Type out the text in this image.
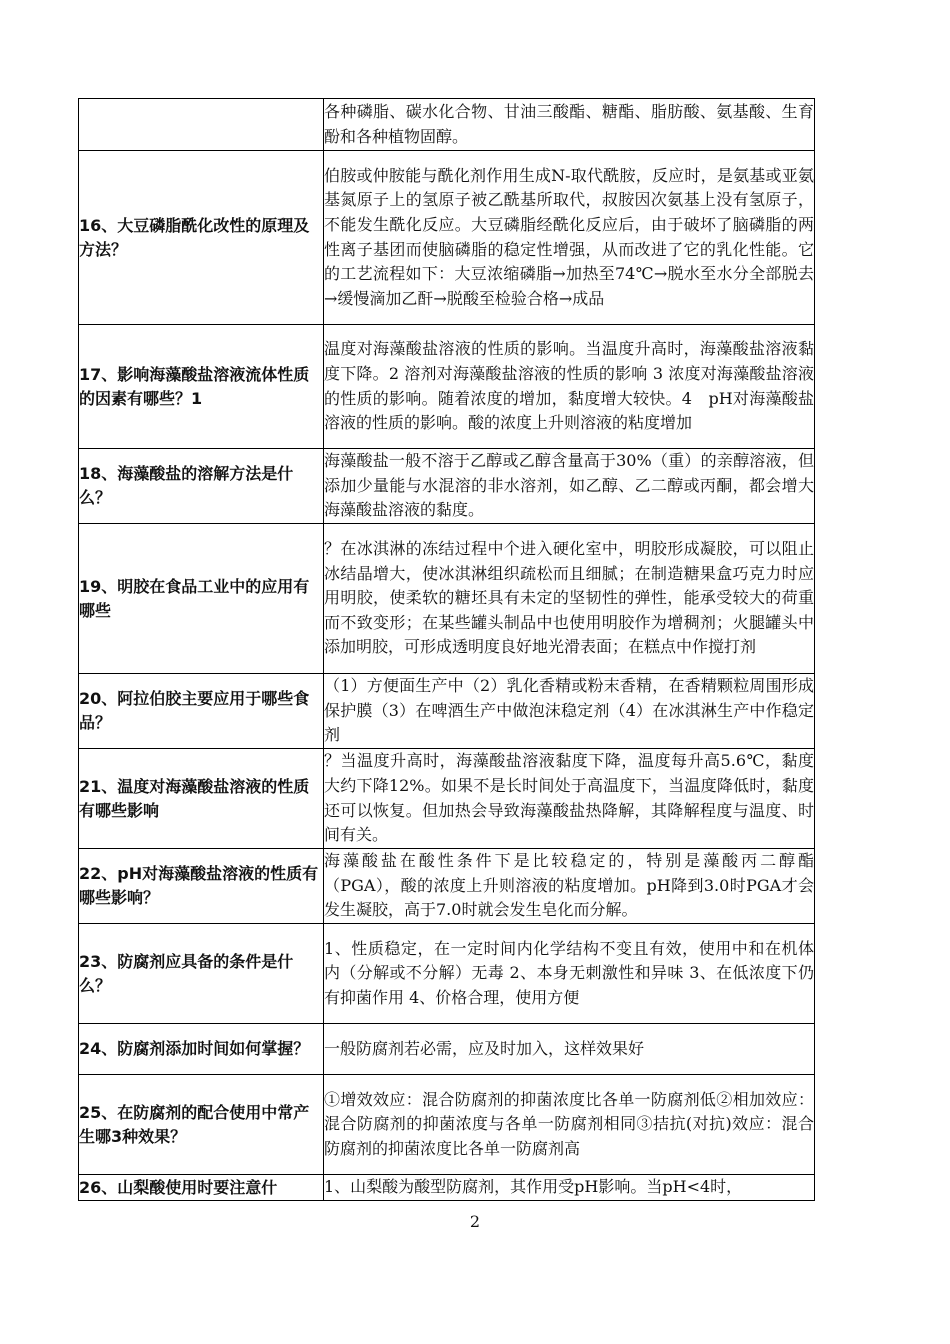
	各种磷脂、碳水化合物、甘油三酸酯、糖酯、脂肪酸、氨基酸、生育酚和各种植物固醇。
16、大豆磷脂酰化改性的原理及方法？	伯胺或仲胺能与酰化剂作用生成N-取代酰胺，反应时，是氨基或亚氨基氮原子上的氢原子被乙酰基所取代，叔胺因次氨基上没有氢原子，不能发生酰化反应。大豆磷脂经酰化反应后，由于破坏了脑磷脂的两性离子基团而使脑磷脂的稳定性增强，从而改进了它的乳化性能。它的工艺流程如下：大豆浓缩磷脂→加热至74℃→脱水至水分全部脱去→缓慢滴加乙酐→脱酸至检验合格→成品
17、影响海藻酸盐溶液流体性质的因素有哪些？1	温度对海藻酸盐溶液的性质的影响。当温度升高时，海藻酸盐溶液黏度下降。2 溶剂对海藻酸盐溶液的性质的影响 3 浓度对海藻酸盐溶液的性质的影响。随着浓度的增加，黏度增大较快。4　pH对海藻酸盐溶液的性质的影响。酸的浓度上升则溶液的粘度增加
18、海藻酸盐的溶解方法是什么？	海藻酸盐一般不溶于乙醇或乙醇含量高于30%（重）的亲醇溶液，但添加少量能与水混溶的非水溶剂，如乙醇、乙二醇或丙酮，都会增大海藻酸盐溶液的黏度。
19、明胶在食品工业中的应用有哪些	？在冰淇淋的冻结过程中个进入硬化室中，明胶形成凝胶，可以阻止冰结晶增大，使冰淇淋组织疏松而且细腻；在制造糖果盒巧克力时应用明胶，使柔软的糖坯具有未定的坚韧性的弹性，能承受较大的荷重而不致变形；在某些罐头制品中也使用明胶作为增稠剂；火腿罐头中添加明胶，可形成透明度良好地光滑表面；在糕点中作搅打剂
20、阿拉伯胶主要应用于哪些食品？	（1）方便面生产中（2）乳化香精或粉末香精，在香精颗粒周围形成保护膜（3）在啤酒生产中做泡沫稳定剂（4）在冰淇淋生产中作稳定剂
21、温度对海藻酸盐溶液的性质有哪些影响	？当温度升高时，海藻酸盐溶液黏度下降，温度每升高5.6℃，黏度大约下降12%。如果不是长时间处于高温度下，当温度降低时，黏度还可以恢复。但加热会导致海藻酸盐热降解，其降解程度与温度、时间有关。
22、pH对海藻酸盐溶液的性质有哪些影响？	海藻酸盐在酸性条件下是比较稳定的，特别是藻酸丙二醇酯（PGA），酸的浓度上升则溶液的粘度增加。pH降到3.0时PGA才会发生凝胶，高于7.0时就会发生皂化而分解。
23、防腐剂应具备的条件是什么？	1、性质稳定，在一定时间内化学结构不变且有效，使用中和在机体内（分解或不分解）无毒 2、本身无刺激性和异味 3、在低浓度下仍有抑菌作用 4、价格合理，使用方便
24、防腐剂添加时间如何掌握？	一般防腐剂若必需，应及时加入，这样效果好
25、在防腐剂的配合使用中常产生哪3种效果？	①增效效应：混合防腐剂的抑菌浓度比各单一防腐剂低②相加效应：混合防腐剂的抑菌浓度与各单一防腐剂相同③拮抗(对抗)效应：混合防腐剂的抑菌浓度比各单一防腐剂高
26、山梨酸使用时要注意什	1、山梨酸为酸型防腐剂，其作用受pH影响。当pH<4时，
2
